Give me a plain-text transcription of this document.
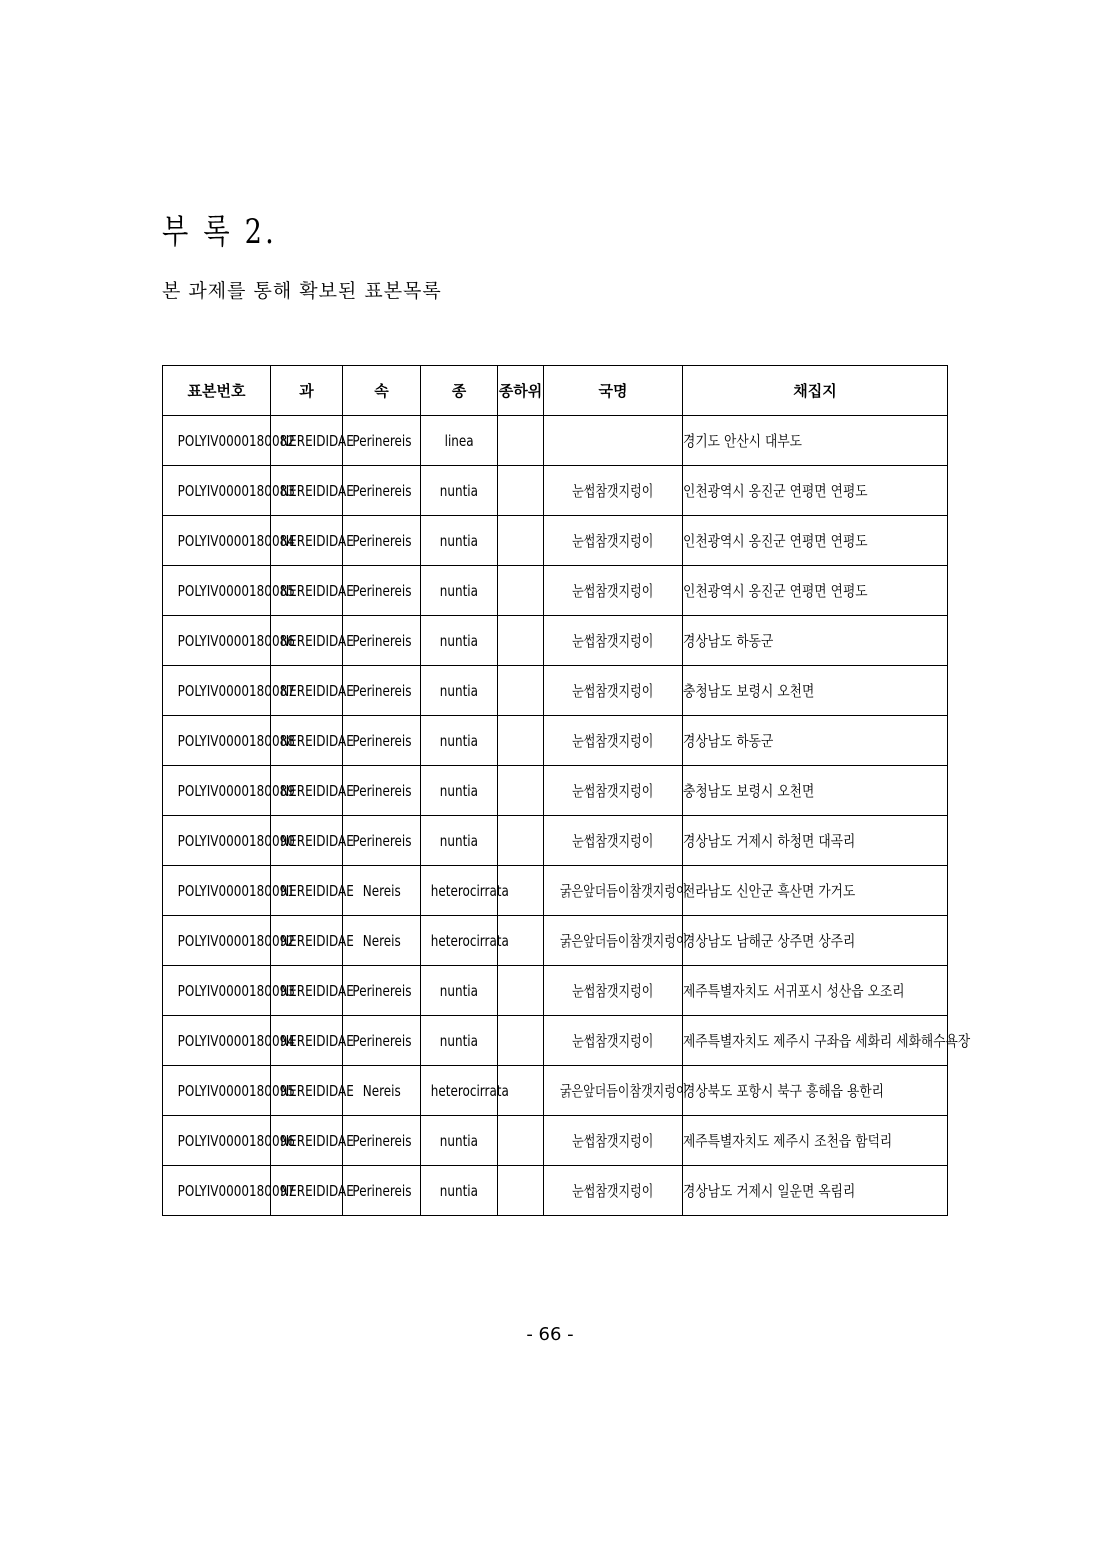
부 록 2.
본 과제를 통해 확보된 표본목록
표본번호	과	속	종	종하위	국명	채집지
POLYIV0000180082	NEREIDIDAE	Perinereis	linea			경기도 안산시 대부도
POLYIV0000180083	NEREIDIDAE	Perinereis	nuntia		눈썹참갯지렁이	인천광역시 옹진군 연평면 연평도
POLYIV0000180084	NEREIDIDAE	Perinereis	nuntia		눈썹참갯지렁이	인천광역시 옹진군 연평면 연평도
POLYIV0000180085	NEREIDIDAE	Perinereis	nuntia		눈썹참갯지렁이	인천광역시 옹진군 연평면 연평도
POLYIV0000180086	NEREIDIDAE	Perinereis	nuntia		눈썹참갯지렁이	경상남도 하동군
POLYIV0000180087	NEREIDIDAE	Perinereis	nuntia		눈썹참갯지렁이	충청남도 보령시 오천면
POLYIV0000180088	NEREIDIDAE	Perinereis	nuntia		눈썹참갯지렁이	경상남도 하동군
POLYIV0000180089	NEREIDIDAE	Perinereis	nuntia		눈썹참갯지렁이	충청남도 보령시 오천면
POLYIV0000180090	NEREIDIDAE	Perinereis	nuntia		눈썹참갯지렁이	경상남도 거제시 하청면 대곡리
POLYIV0000180091	NEREIDIDAE	Nereis	heterocirrata		굵은앞더듬이참갯지렁이	전라남도 신안군 흑산면 가거도
POLYIV0000180092	NEREIDIDAE	Nereis	heterocirrata		굵은앞더듬이참갯지렁이	경상남도 남해군 상주면 상주리
POLYIV0000180093	NEREIDIDAE	Perinereis	nuntia		눈썹참갯지렁이	제주특별자치도 서귀포시 성산읍 오조리
POLYIV0000180094	NEREIDIDAE	Perinereis	nuntia		눈썹참갯지렁이	제주특별자치도 제주시 구좌읍 세화리 세화해수욕장
POLYIV0000180095	NEREIDIDAE	Nereis	heterocirrata		굵은앞더듬이참갯지렁이	경상북도 포항시 북구 흥해읍 용한리
POLYIV0000180096	NEREIDIDAE	Perinereis	nuntia		눈썹참갯지렁이	제주특별자치도 제주시 조천읍 함덕리
POLYIV0000180097	NEREIDIDAE	Perinereis	nuntia		눈썹참갯지렁이	경상남도 거제시 일운면 옥림리
- 66 -
